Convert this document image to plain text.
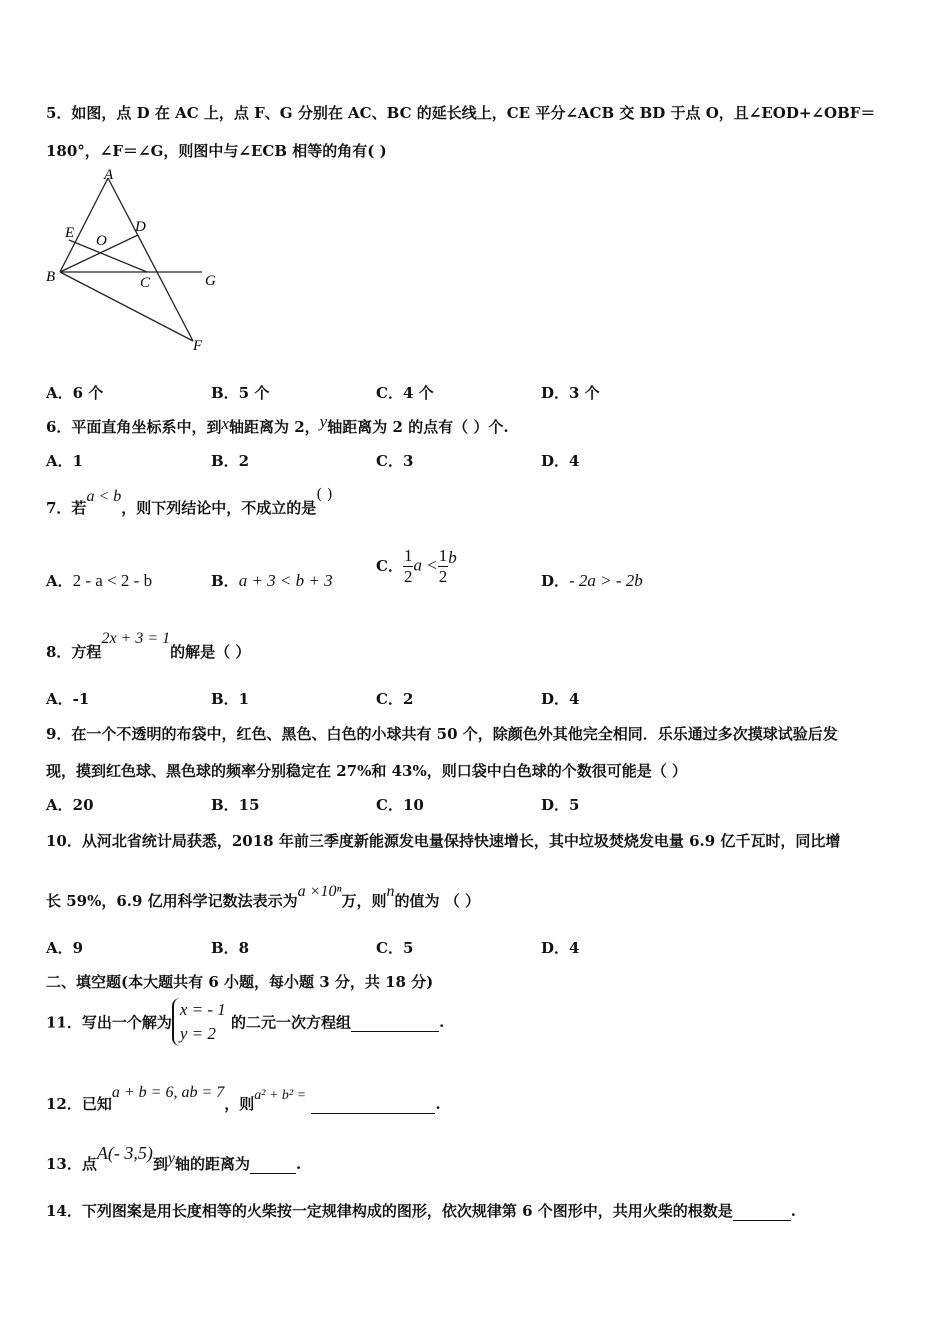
5．如图，点 D 在 AC 上，点 F、G 分别在 AC、BC 的延长线上，CE 平分∠ACB 交 BD 于点 O，且∠EOD+∠OBF＝
180°，∠F＝∠G，则图中与∠ECB 相等的角有( )
A
E O
D
B	C	G
F
A．6 个	B．5 个	C．4 个	D．3 个
6．平面直角坐标系中，到x轴距离为 2，y轴距离为 2 的点有（ ）个.
A．1	B．2	C．3	D．4
7．若a < b，则下列结论中，不成立的是( )
A．2 - a < 2 - b	B．a + 3 < b + 3
C． $\frac{1}{2}$ $a < \frac{1}{2}$ b
D．- 2a > - 2b
8．方程2x + 3 = 1的解是（ ）
A．-1	B．1	C．2	D．4
9．在一个不透明的布袋中，红色、黑色、白色的小球共有 50 个，除颜色外其他完全相同．乐乐通过多次摸球试验后发
现，摸到红色球、黑色球的频率分别稳定在 27%和 43%，则口袋中白色球的个数很可能是（ ）
A．20	B．15	C．10	D．5
10．从河北省统计局获悉，2018 年前三季度新能源发电量保持快速增长，其中垃圾焚烧发电量 6.9 亿千瓦时，同比增
长 59%，6.9 亿用科学记数法表示为a ×10ⁿ万，则n的值为 （ ）
A．9	B．8	C．5	D．4
二、填空题(本大题共有 6 小题，每小题 3 分，共 18 分)
11．写出一个解为
x = - 1
y = 2
的二元一次方程组	.
12．已知a + b = 6, ab = 7，则a² + b² =	.
13．点A(- 3,5)到y轴的距离为	.
14．下列图案是用长度相等的火柴按一定规律构成的图形，依次规律第 6 个图形中，共用火柴的根数是	.
